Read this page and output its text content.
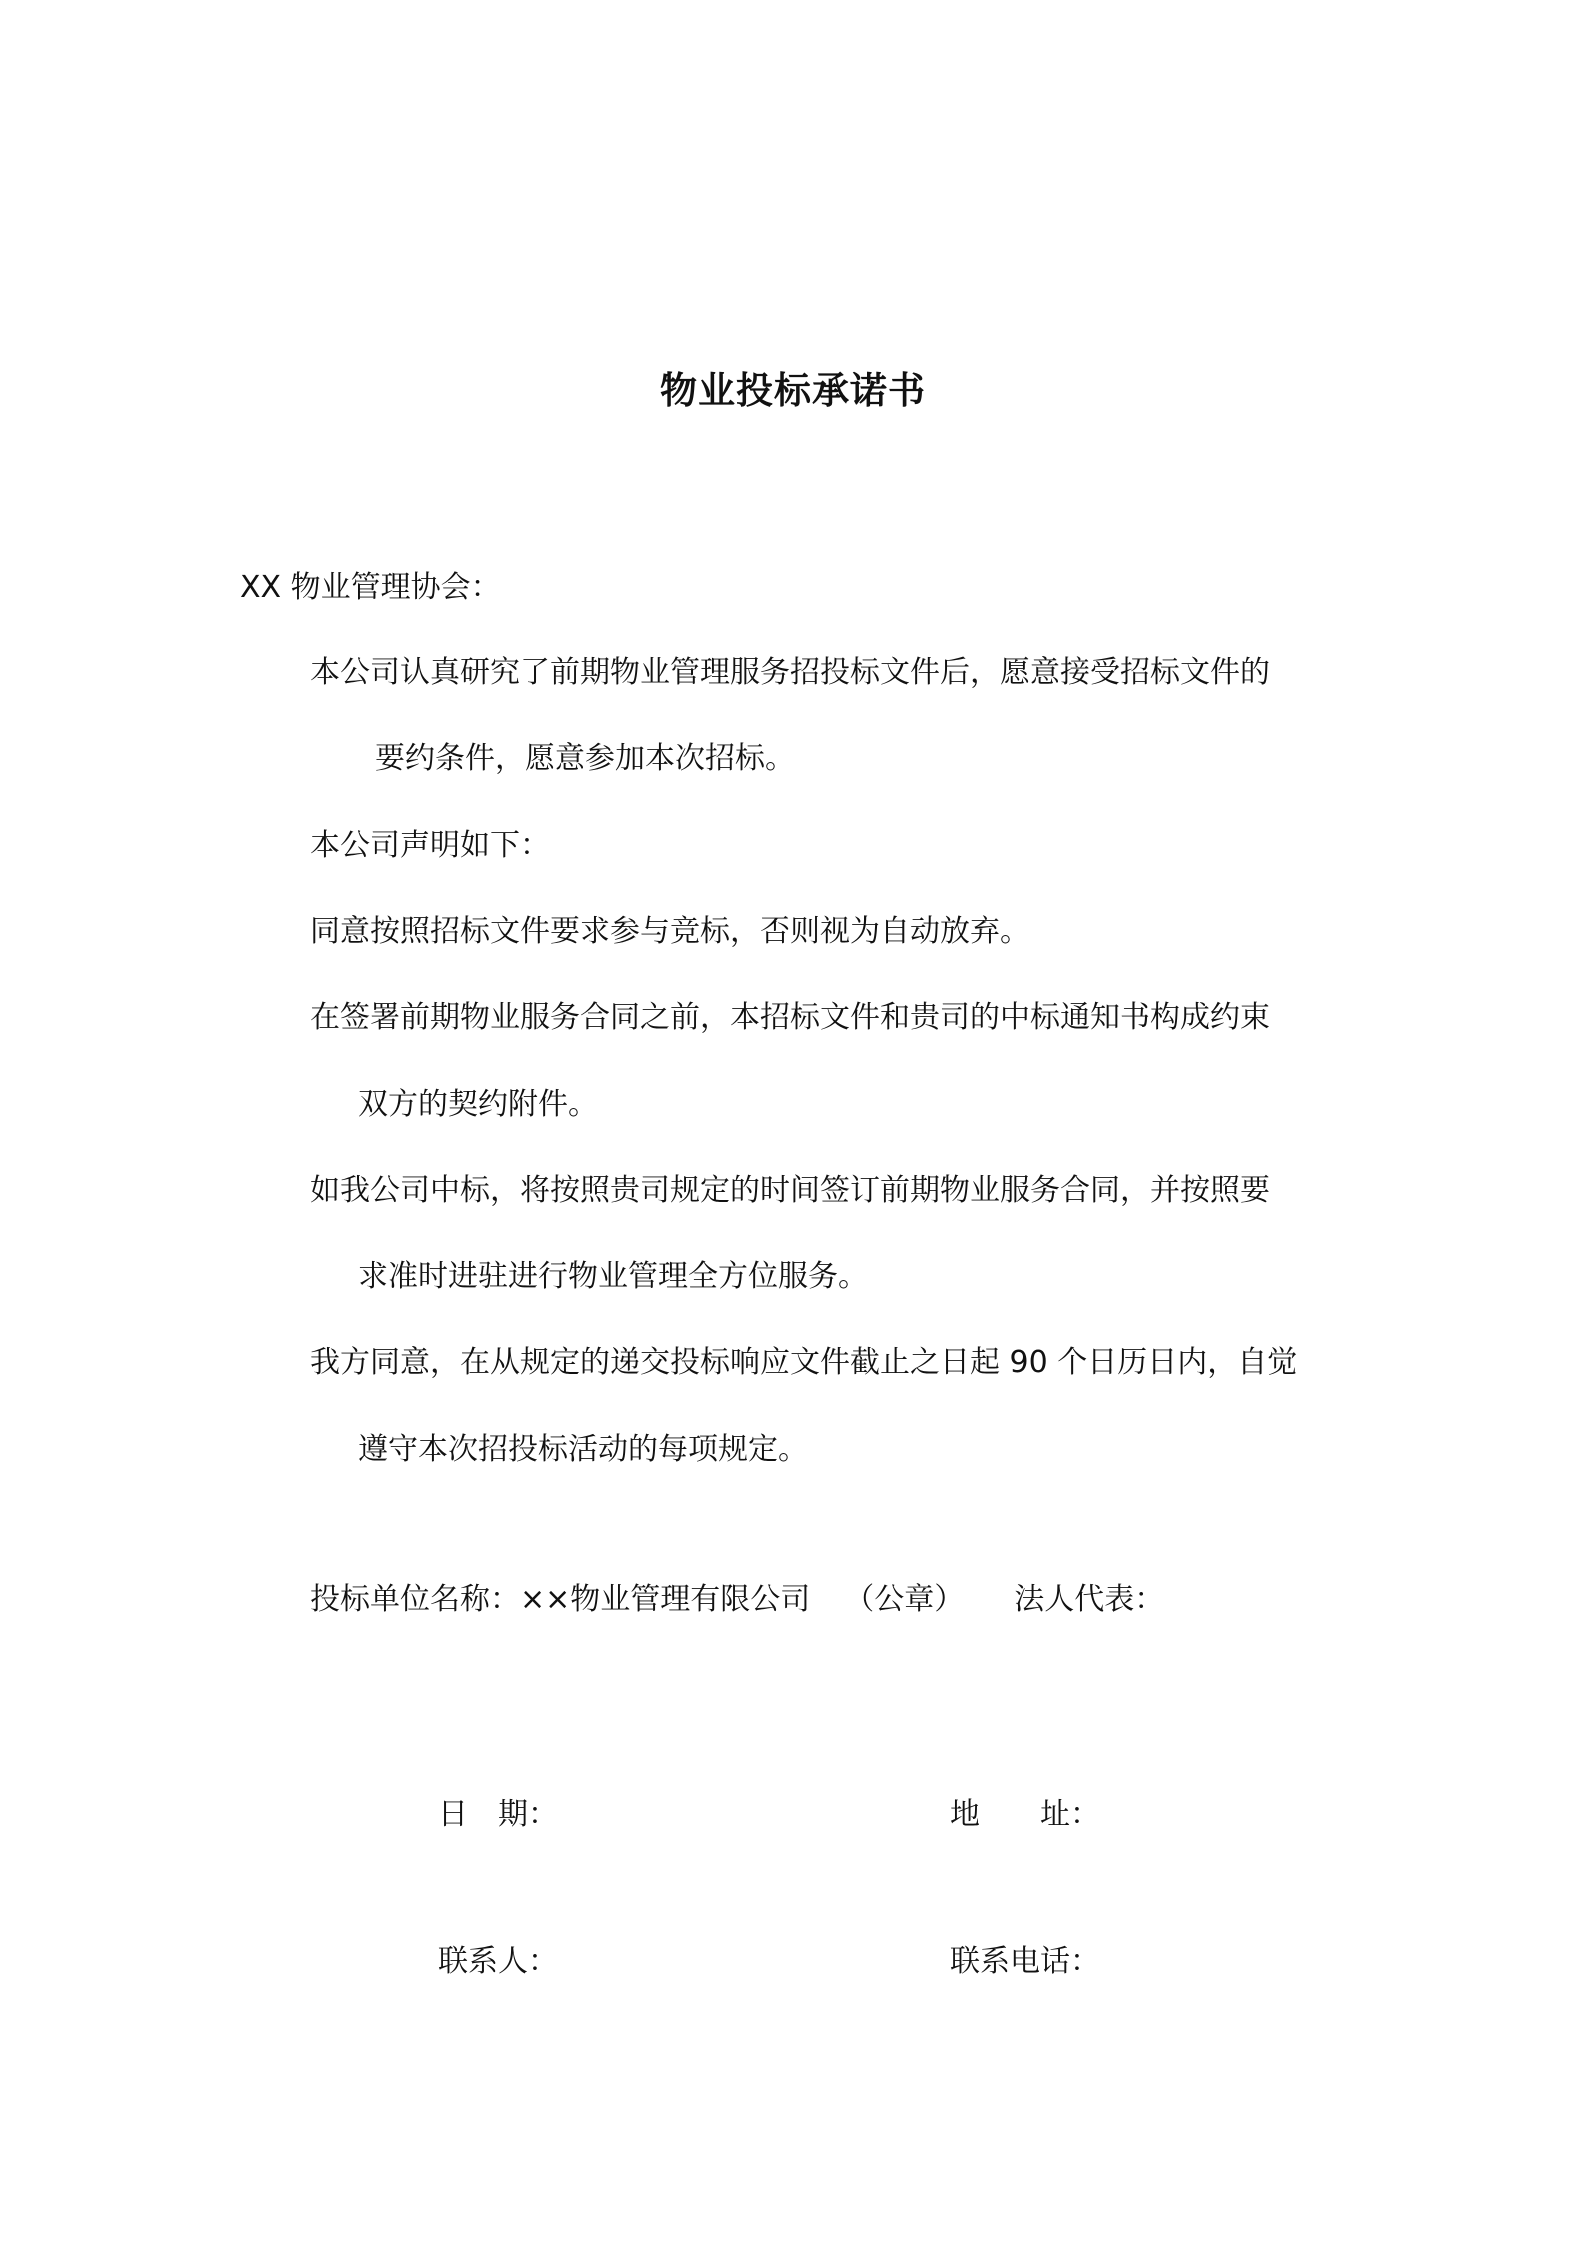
物业投标承诺书
XX 物业管理协会：
本公司认真研究了前期物业管理服务招投标文件后，愿意接受招标文件的
要约条件，愿意参加本次招标。
本公司声明如下：
同意按照招标文件要求参与竞标，否则视为自动放弃。
在签署前期物业服务合同之前，本招标文件和贵司的中标通知书构成约束
双方的契约附件。
如我公司中标，将按照贵司规定的时间签订前期物业服务合同，并按照要
求准时进驻进行物业管理全方位服务。
我方同意，在从规定的递交投标响应文件截止之日起 90 个日历日内，自觉
遵守本次招投标活动的每项规定。
投标单位名称：××物业管理有限公司 （公章） 法人代表：
日　期：	地　　址：
联系人：	联系电话：
